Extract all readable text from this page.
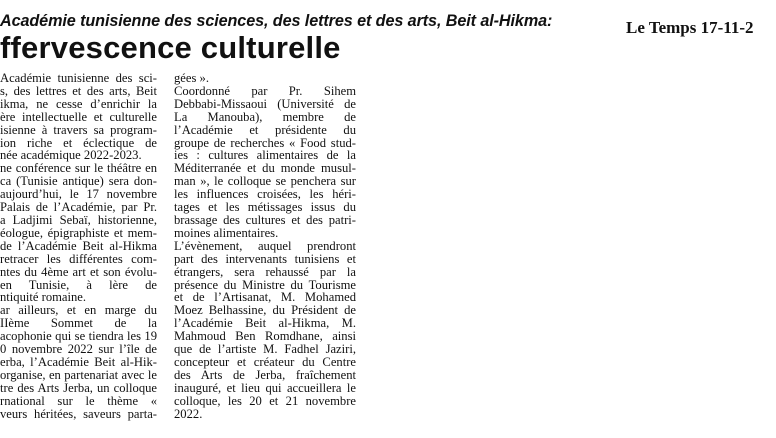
Académie tunisienne des sciences, des lettres et des arts, Beit al-Hikma:	Le Temps 17-11-2
ffervescence culturelle
Académie tunisienne des sci-
s, des lettres et des arts, Beit
ikma, ne cesse d’enrichir la
ère intellectuelle et culturelle
isienne à travers sa program-
ion riche et éclectique de
née académique 2022-2023.
ne conférence sur le théâtre en
ca (Tunisie antique) sera don-
aujourd’hui, le 17 novembre
Palais de l’Académie, par Pr.
a Ladjimi Sebaï, historienne,
éologue, épigraphiste et mem-
de l’Académie Beit al-Hikma
retracer les différentes com-
ntes du 4ème art et son évolu-
en Tunisie, à lère de
ntiquité romaine.
ar ailleurs, et en marge du
IIème Sommet de la
acophonie qui se tiendra les 19
0 novembre 2022 sur l’île de
erba, l’Académie Beit al-Hik-
organise, en partenariat avec le
tre des Arts Jerba, un colloque
rnational sur le thème «
veurs héritées, saveurs parta-
gées ».
Coordonné par Pr. Sihem
Debbabi-Missaoui (Université de
La Manouba), membre de
l’Académie et présidente du
groupe de recherches « Food stud-
ies : cultures alimentaires de la
Méditerranée et du monde musul-
man », le colloque se penchera sur
les influences croisées, les héri-
tages et les métissages issus du
brassage des cultures et des patri-
moines alimentaires.
L’évènement, auquel prendront
part des intervenants tunisiens et
étrangers, sera rehaussé par la
présence du Ministre du Tourisme
et de l’Artisanat, M. Mohamed
Moez Belhassine, du Président de
l’Académie Beit al-Hikma, M.
Mahmoud Ben Romdhane, ainsi
que de l’artiste M. Fadhel Jaziri,
concepteur et créateur du Centre
des Arts de Jerba, fraîchement
inauguré, et lieu qui accueillera le
colloque, les 20 et 21 novembre
2022.
